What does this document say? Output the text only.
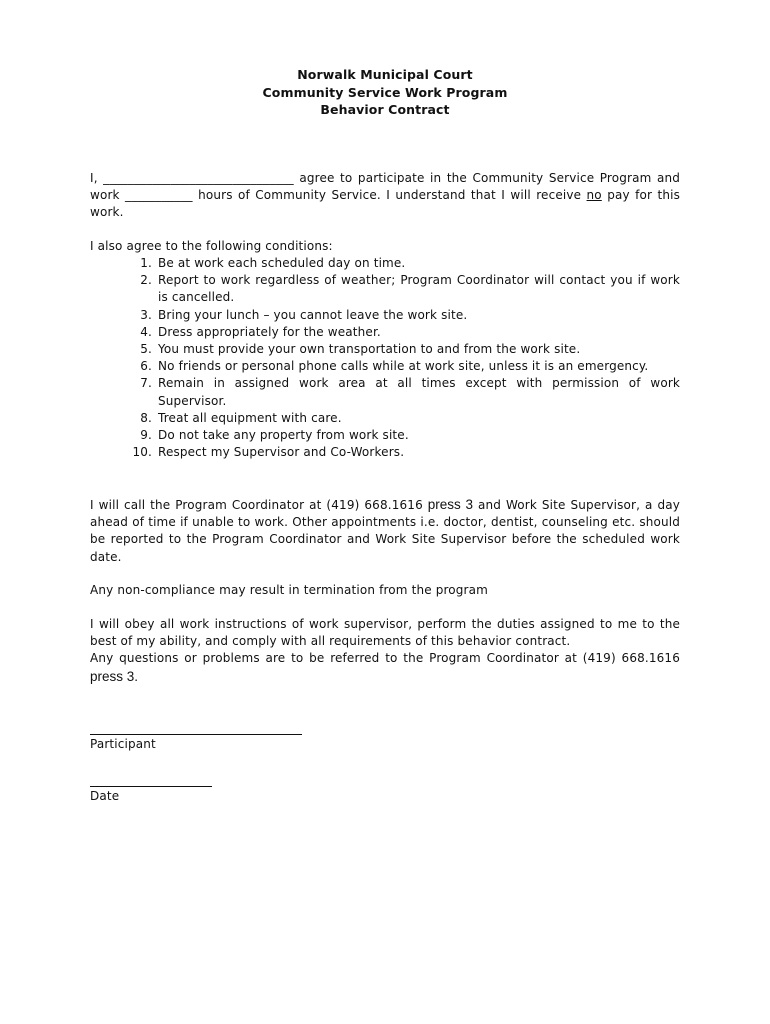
Norwalk Municipal Court
Community Service Work Program
Behavior Contract
I, _______________________________ agree to participate in the Community Service Program and work ___________ hours of Community Service. I understand that I will receive no pay for this work.
I also agree to the following conditions:
1. Be at work each scheduled day on time.
2. Report to work regardless of weather; Program Coordinator will contact you if work is cancelled.
3. Bring your lunch – you cannot leave the work site.
4. Dress appropriately for the weather.
5. You must provide your own transportation to and from the work site.
6. No friends or personal phone calls while at work site, unless it is an emergency.
7. Remain in assigned work area at all times except with permission of work Supervisor.
8. Treat all equipment with care.
9. Do not take any property from work site.
10. Respect my Supervisor and Co-Workers.
I will call the Program Coordinator at (419) 668.1616 press 3 and Work Site Supervisor, a day ahead of time if unable to work. Other appointments i.e. doctor, dentist, counseling etc. should be reported to the Program Coordinator and Work Site Supervisor before the scheduled work date.
Any non-compliance may result in termination from the program
I will obey all work instructions of work supervisor, perform the duties assigned to me to the best of my ability, and comply with all requirements of this behavior contract.
Any questions or problems are to be referred to the Program Coordinator at (419) 668.1616 press 3.
Participant
Date
